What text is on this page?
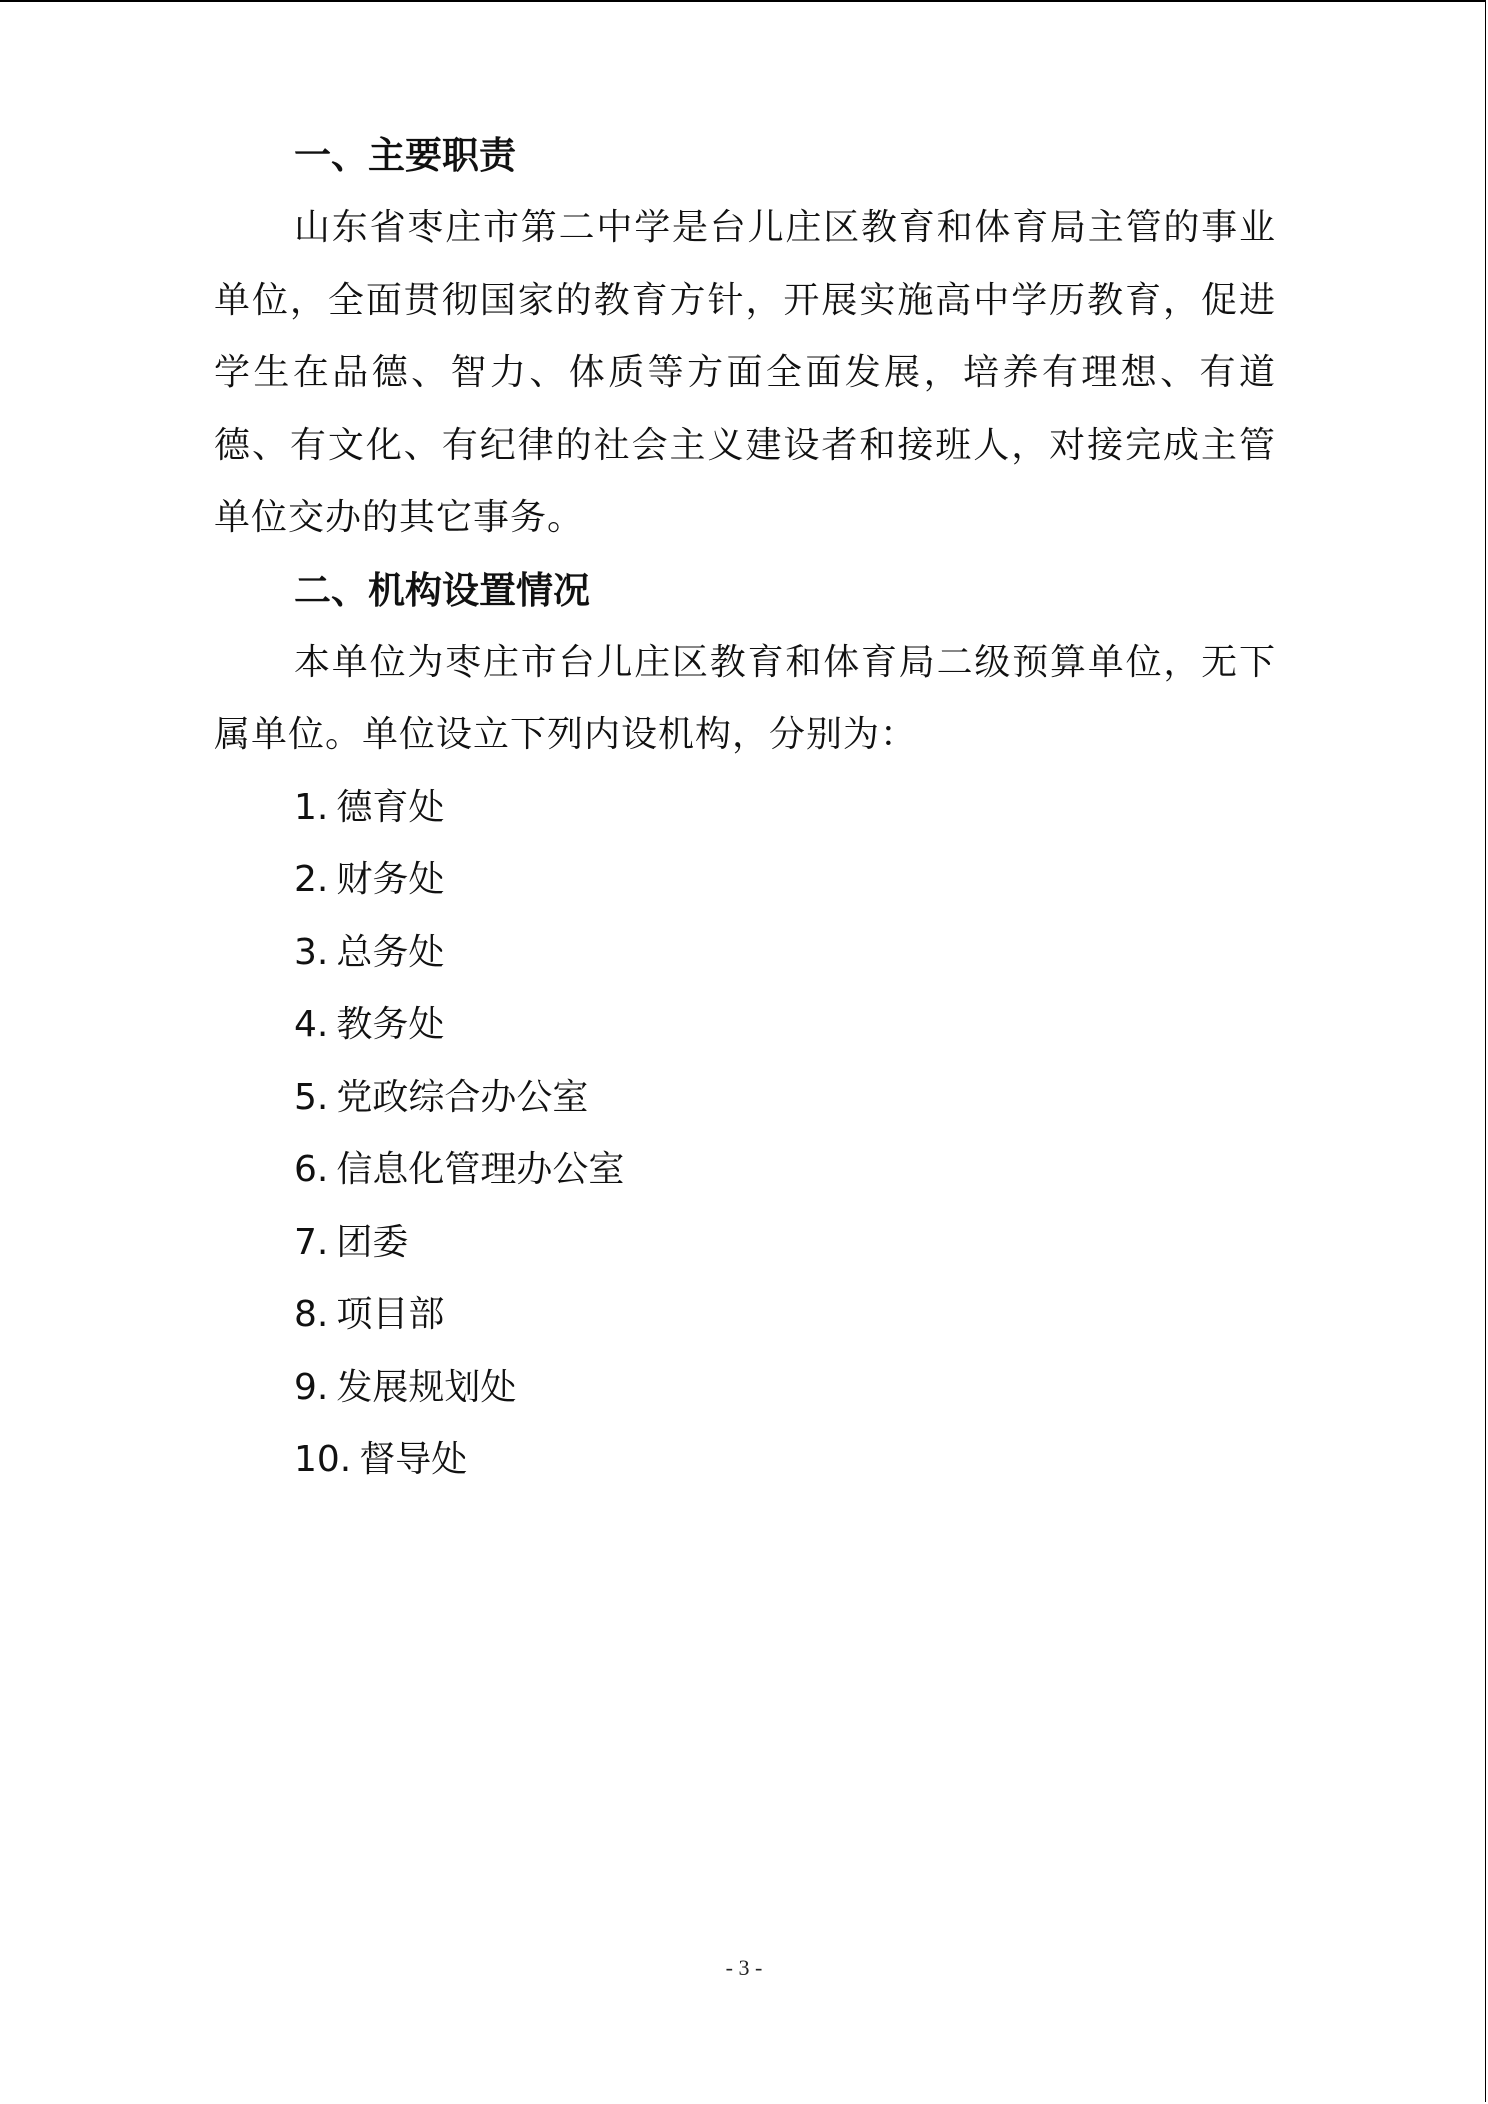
一、主要职责

山东省枣庄市第二中学是台儿庄区教育和体育局主管的事业单位，全面贯彻国家的教育方针，开展实施高中学历教育，促进学生在品德、智力、体质等方面全面发展，培养有理想、有道德、有文化、有纪律的社会主义建设者和接班人，对接完成主管单位交办的其它事务。

二、机构设置情况

本单位为枣庄市台儿庄区教育和体育局二级预算单位，无下属单位。单位设立下列内设机构，分别为：

1. 德育处
2. 财务处
3. 总务处
4. 教务处
5. 党政综合办公室
6. 信息化管理办公室
7. 团委
8. 项目部
9. 发展规划处
10. 督导处
- 3 -
